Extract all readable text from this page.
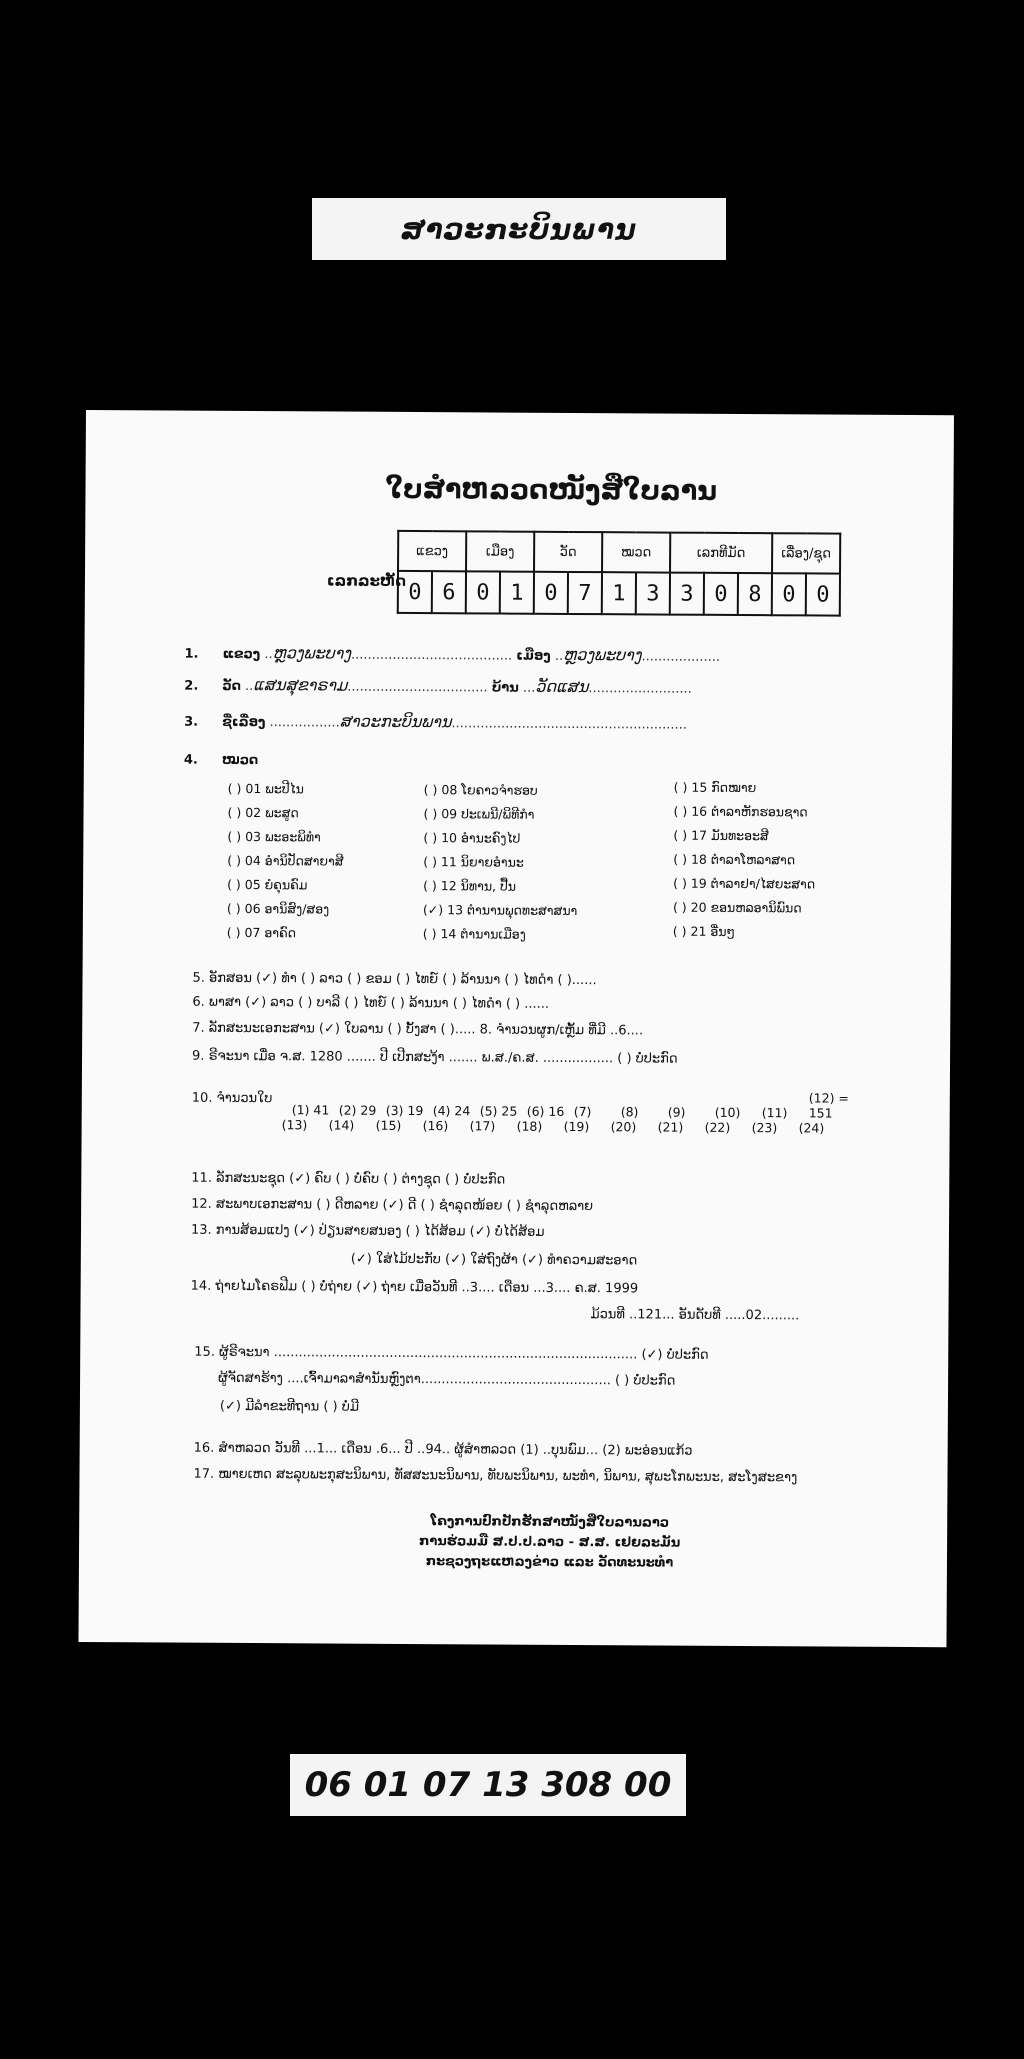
ສາວະກະບິນພານ
ໃບສໍາຫລວດໜັງສືໃບລານ
ເລກລະຫັດ
ແຂວງ		ເມືອງ		ວັດ		ໝວດ		ເລກທີມັດ			ເລື່ອງ/ຊຸດ	
0	6	0	1	0	7	1	3	3	0	8	0	0
1. ແຂວງ ..ຫຼວງພະບາງ....................................... ເມືອງ ..ຫຼວງພະບາງ...................
2. ວັດ ..ແສນສຸຂາຣາມ.................................. ບ້ານ ...ວັດແສນ.........................
3. ຊື່ເລື່ອງ .................ສາວະກະບິນພານ.........................................................
4. ໝວດ
( ) 01 ພະປີໄນ
( ) 02 ພະສູດ
( ) 03 ພະອະພິທຳ
( ) 04 ອໍານິປັດສາຍາສີ
( ) 05 ຍໍຄຸນຄົມ
( ) 06 ອານິສົງ/ສອງ
( ) 07 ອາຄົດ
( ) 08 ໂຍຄາວຈໍາຮອບ
( ) 09 ປະເພນີ/ພິທີກໍາ
( ) 10 ອໍານະຄົງໄປ
( ) 11 ນິຍາຍອໍານະ
( ) 12 ນິທານ, ປື້ນ
(✓) 13 ຕໍານານພຸດທະສາສນາ
( ) 14 ຕໍານານເມືອງ
( ) 15 ກົດໝາຍ
( ) 16 ຕໍາລາຫັກຮອນຊາດ
( ) 17 ມັນທະອະສີ
( ) 18 ຕໍາລາໂຫລາສາດ
( ) 19 ຕໍາລາຢາ/ໄສຍະສາດ
( ) 20 ຂອນຫລອານິພົນດ
( ) 21 ອື່ນໆ
5. ອັກສອນ (✓) ທໍາ ( ) ລາວ ( ) ຂອມ ( ) ໄທຍ໌ ( ) ລ້ານນາ ( ) ໄທດໍາ ( )......
6. ພາສາ (✓) ລາວ ( ) ບາລີ ( ) ໄທຍ໌ ( ) ລ້ານນາ ( ) ໄທດໍາ ( ) ......
7. ລັກສະນະເອກະສານ (✓) ໃບລານ ( ) ບັ້ງສາ ( )..... 8. ຈໍານວນຜູກ/ເຫຼັ້ມ ທີ່ມີ ..6....
9. ຣີຈະນາ ເມື່ອ ຈ.ສ. 1280 ....... ປີ ເປີກສະງ້າ ....... ພ.ສ./ຄ.ສ. ................. ( ) ບໍ່ປະກົດ
10. ຈໍານວນໃບ
(1) 41 (2) 29 (3) 19 (4) 24 (5) 25 (6) 16 (7) (8) (9) (10) (11)(12) = 151
(13) (14) (15) (16) (17) (18) (19) (20) (21) (22) (23) (24)
11. ລັກສະນະຊຸດ (✓) ຄົບ ( ) ບໍ່ຄົບ ( ) ຕ່າງຊຸດ ( ) ບໍ່ປະກົດ
12. ສະພາບເອກະສານ ( ) ດີຫລາຍ (✓) ດີ ( ) ຊໍາລຸດໜ້ອຍ ( ) ຊໍາລຸດຫລາຍ
13. ການສ້ອມແປງ (✓) ປ່ຽນສາຍສນອງ ( ) ໄດ້ສ້ອມ (✓) ບໍ່ໄດ້ສ້ອມ
(✓) ໃສ່ໄມ້ປະກັບ (✓) ໃສ່ຖົງຜ້າ (✓) ທໍາຄວາມສະອາດ
14. ຖ່າຍໄມໂຄຣຟີມ ( ) ບໍ່ຖ່າຍ (✓) ຖ່າຍ ເມື່ອວັນທີ ..3.... ເດືອນ ...3.... ຄ.ສ. 1999
ມ້ວນທີ ..121... ອັນດັບທີ .....02.........
15. ຜູ້ຣີຈະນາ ........................................................................................ (✓) ບໍ່ປະກົດ
ຜູ້ຈັດສາຮ້າງ ....ເຈົ້າມາລາສຳນັນຫຼົງຕາ.............................................. ( ) ບໍ່ປະກົດ
(✓) ມີລໍາຂະທີຖານ ( ) ບໍ່ມີ
16. ສໍາຫລວດ ວັນທີ ...1... ເດືອນ .6... ປີ ..94.. ຜູ້ສໍາຫລວດ (1) ..ບຸນພົມ... (2) ພະອ່ອນແກ້ວ
17. ໝາຍເຫດ ສະລຸບພະກຸສະນິພານ, ທັສສະນະນິພານ, ທັບພະນິພານ, ພະທໍາ, ນິພານ, ສຸພະໂກພະນະ, ສະໂງສະຂາງ
ໂຄງການປົກປັກຮັກສາໜັງສືໃບລານລາວ
ການຮ່ວມມື ສ.ປ.ປ.ລາວ - ສ.ສ. ເຢຍລະມັນ
ກະຊວງຖະແຫລງຂ່າວ ແລະ ວັດທະນະທໍາ
06 01 07 13 308 00
